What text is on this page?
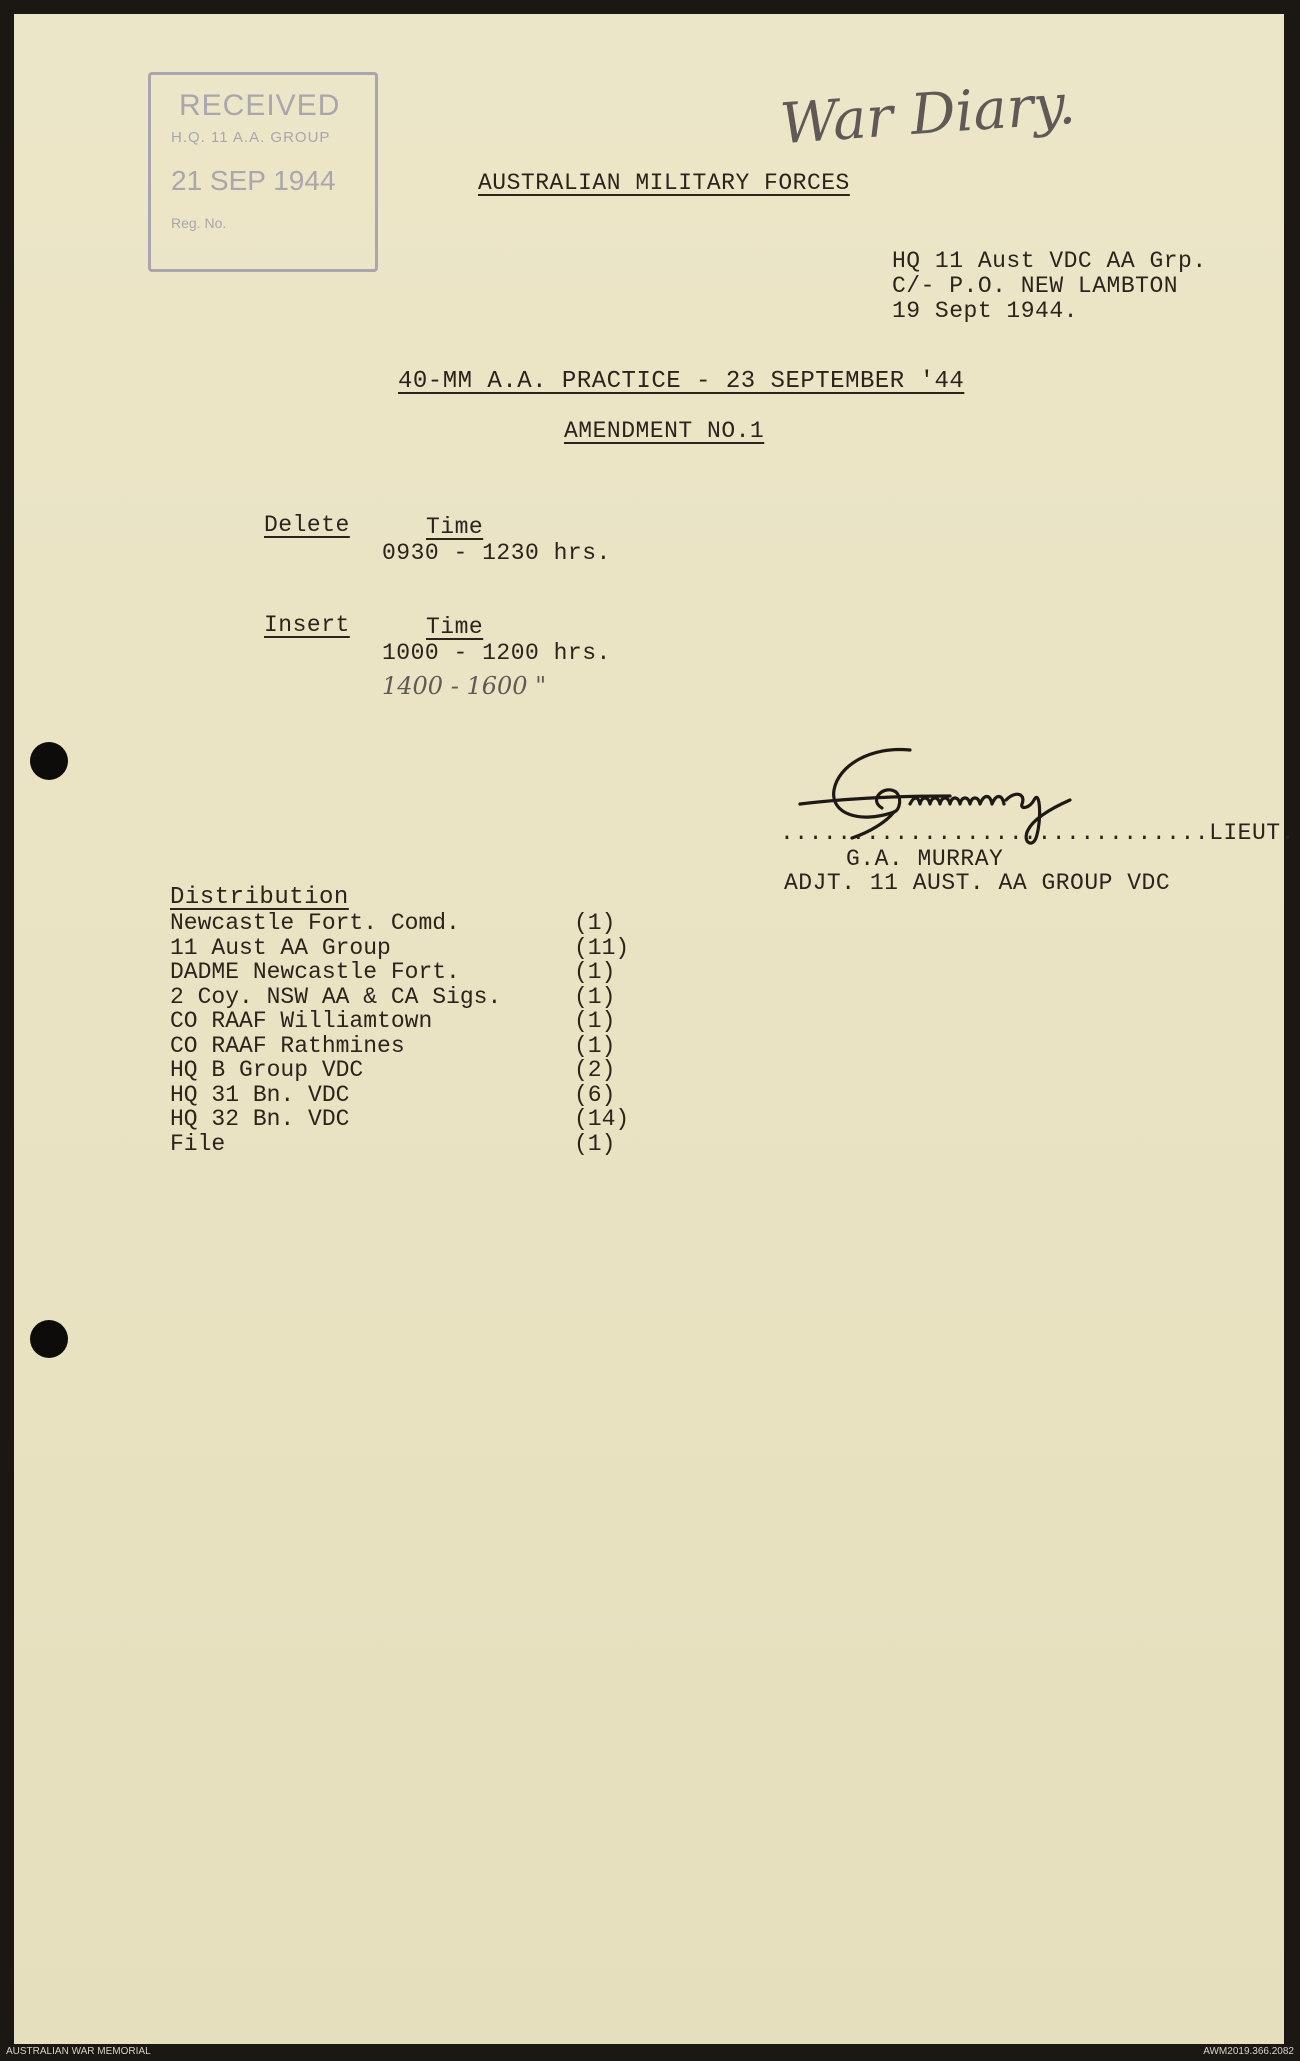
RECEIVED
H.Q. 11 A.A. GROUP
21 SEP 1944
Reg. No.
War Diary.
AUSTRALIAN MILITARY FORCES
HQ 11 Aust VDC AA Grp.
C/- P.O. NEW LAMBTON
19 Sept 1944.
40-MM A.A. PRACTICE - 23 SEPTEMBER '44
AMENDMENT NO.1
Delete	Time
0930 - 1230 hrs.
Insert	Time
1000 - 1200 hrs.
1400 - 1600 "
..............................LIEUT.
G.A. MURRAY
ADJT. 11 AUST. AA GROUP VDC
Distribution
Newcastle Fort. Comd.	(1)
11 Aust AA Group	(11)
DADME Newcastle Fort.	(1)
2 Coy. NSW AA & CA Sigs.	(1)
CO RAAF Williamtown	(1)
CO RAAF Rathmines	(1)
HQ B Group VDC	(2)
HQ 31 Bn. VDC	(6)
HQ 32 Bn. VDC	(14)
File	(1)
AUSTRALIAN WAR MEMORIAL	AWM2019.366.2082
